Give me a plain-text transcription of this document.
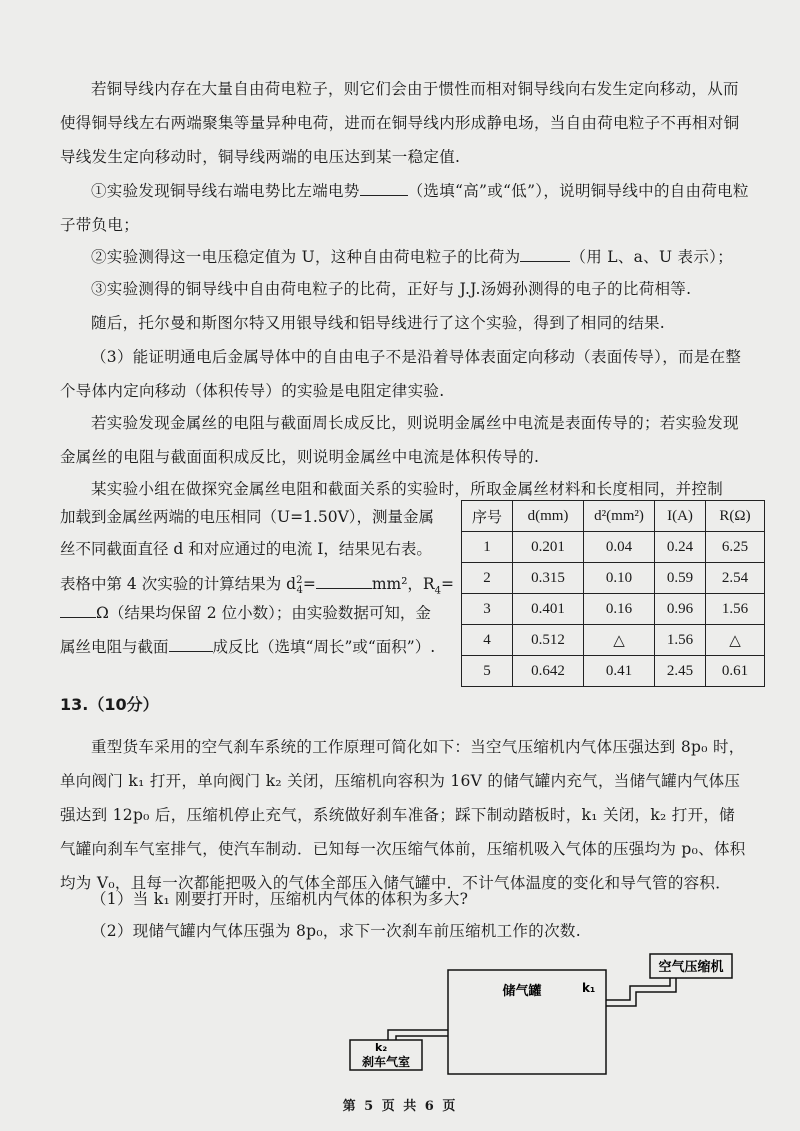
若铜导线内存在大量自由荷电粒子，则它们会由于惯性而相对铜导线向右发生定向移动，从而使得铜导线左右两端聚集等量异种电荷，进而在铜导线内形成静电场，当自由荷电粒子不再相对铜导线发生定向移动时，铜导线两端的电压达到某一稳定值.
①实验发现铜导线右端电势比左端电势	（选填“高”或“低”），说明铜导线中的自由荷电粒子带负电；
②实验测得这一电压稳定值为 U，这种自由荷电粒子的比荷为	（用 L、a、U 表示）；
③实验测得的铜导线中自由荷电粒子的比荷，正好与 J.J.汤姆孙测得的电子的比荷相等.
随后，托尔曼和斯图尔特又用银导线和铝导线进行了这个实验，得到了相同的结果.
（3）能证明通电后金属导体中的自由电子不是沿着导体表面定向移动（表面传导），而是在整个导体内定向移动（体积传导）的实验是电阻定律实验.
若实验发现金属丝的电阻与截面周长成反比，则说明金属丝中电流是表面传导的；若实验发现金属丝的电阻与截面面积成反比，则说明金属丝中电流是体积传导的.
某实验小组在做探究金属丝电阻和截面关系的实验时，所取金属丝材料和长度相同，并控制
加载到金属丝两端的电压相同（U=1.50V），测量金属
丝不同截面直径 d 和对应通过的电流 I，结果见右表。
表格中第 4 次实验的计算结果为 $d^2_4=$	mm²，$R_4=$
Ω（结果均保留 2 位小数）；由实验数据可知，金
属丝电阻与截面	成反比（选填“周长”或“面积”）.
序号	d(mm)	d²(mm²)	I(A)	R(Ω)
1	0.201	0.04	0.24	6.25
2	0.315	0.10	0.59	2.54
3	0.401	0.16	0.96	1.56
4	0.512	△	1.56	△
5	0.642	0.41	2.45	0.61
13.（10分）
重型货车采用的空气刹车系统的工作原理可简化如下：当空气压缩机内气体压强达到 8p₀ 时，单向阀门 k₁ 打开，单向阀门 k₂ 关闭，压缩机向容积为 16V 的储气罐内充气，当储气罐内气体压强达到 12p₀ 后，压缩机停止充气，系统做好刹车准备；踩下制动踏板时，k₁ 关闭，k₂ 打开，储气罐向刹车气室排气，使汽车制动．已知每一次压缩气体前，压缩机吸入气体的压强均为 p₀、体积均为 V₀，且每一次都能把吸入的气体全部压入储气罐中．不计气体温度的变化和导气管的容积．
（1）当 k₁ 刚要打开时，压缩机内气体的体积为多大?
（2）现储气罐内气体压强为 8p₀，求下一次刹车前压缩机工作的次数.
空气压缩机
储气罐	k₁
k₂
刹车气室
第 5 页 共 6 页
